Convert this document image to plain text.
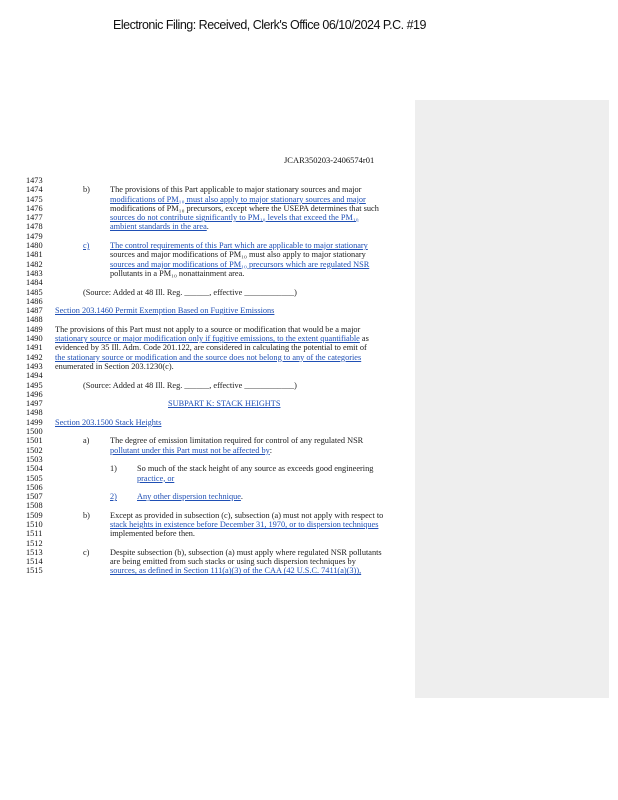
Electronic Filing: Received, Clerk's Office 06/10/2024 P.C. #19
JCAR350203-2406574r01
1473
1474	b) The provisions of this Part applicable to major stationary sources and major
1475	modifications of PM₁₀ must also apply to major stationary sources and major
1476	modifications of PM₁₀ precursors, except where the USEPA determines that such
1477	sources do not contribute significantly to PM₁₀ levels that exceed the PM₁₀
1478	ambient standards in the area.
1479
1480	c) The control requirements of this Part which are applicable to major stationary
1481	sources and major modifications of PM₁₀ must also apply to major stationary
1482	sources and major modifications of PM₁₀ precursors which are regulated NSR
1483	pollutants in a PM₁₀ nonattainment area.
1484
1485	(Source: Added at 48 Ill. Reg. ______, effective ____________)
1486
1487 Section 203.1460 Permit Exemption Based on Fugitive Emissions
1488
1489 The provisions of this Part must not apply to a source or modification that would be a major
1490 stationary source or major modification only if fugitive emissions, to the extent quantifiable as
1491 evidenced by 35 Ill. Adm. Code 201.122, are considered in calculating the potential to emit of
1492 the stationary source or modification and the source does not belong to any of the categories
1493 enumerated in Section 203.1230(c).
1494
1495	(Source: Added at 48 Ill. Reg. ______, effective ____________)
1496
1497	SUBPART K: STACK HEIGHTS
1498
1499 Section 203.1500 Stack Heights
1500
1501	a) The degree of emission limitation required for control of any regulated NSR
1502	pollutant under this Part must not be affected by:
1503
1504	1) So much of the stack height of any source as exceeds good engineering
1505	practice, or
1506
1507	2) Any other dispersion technique.
1508
1509	b) Except as provided in subsection (c), subsection (a) must not apply with respect to
1510	stack heights in existence before December 31, 1970, or to dispersion techniques
1511	implemented before then.
1512
1513	c) Despite subsection (b), subsection (a) must apply where regulated NSR pollutants
1514	are being emitted from such stacks or using such dispersion techniques by
1515	sources, as defined in Section 111(a)(3) of the CAA (42 U.S.C. 7411(a)(3)),
